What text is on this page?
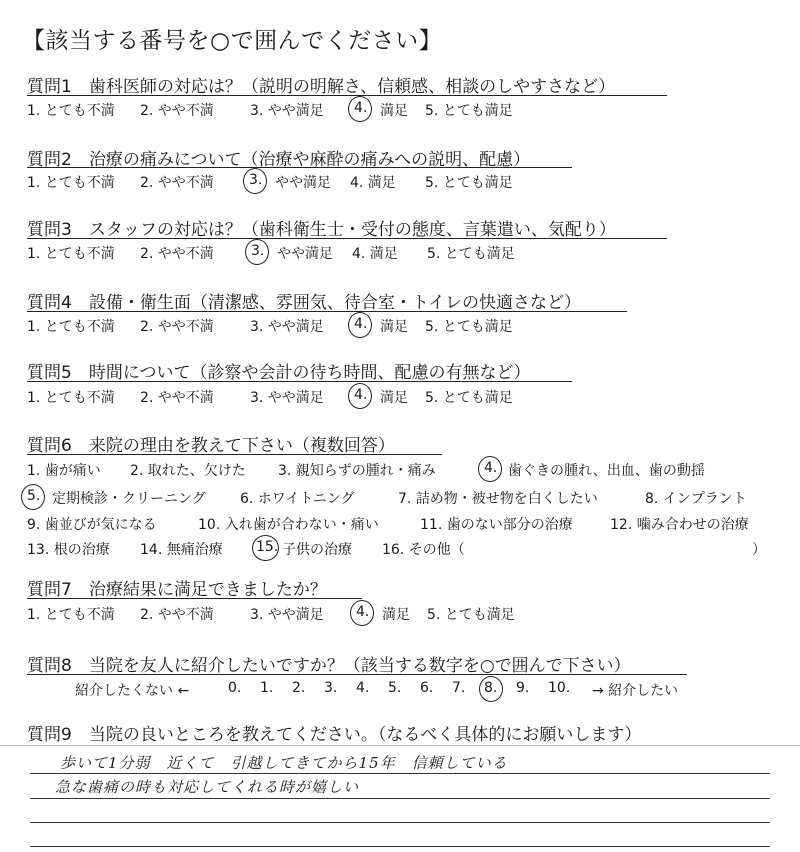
【該当する番号を○で囲んでください】
質問1　歯科医師の対応は？（説明の明解さ、信頼感、相談のしやすさなど）
1. とても不満 2. やや不満	3. やや満足 4. 満足 5. とても満足
質問2　治療の痛みについて（治療や麻酔の痛みへの説明、配慮）
1. とても不満 2. やや不満	3. やや満足 4. 満足 5. とても満足
質問3　スタッフの対応は？（歯科衛生士・受付の態度、言葉遣い、気配り）
1. とても不満 2. やや不満	3. やや満足 4. 満足 5. とても満足
質問4　設備・衛生面（清潔感、雰囲気、待合室・トイレの快適さなど）
1. とても不満 2. やや不満	3. やや満足 4. 満足 5. とても満足
質問5　時間について（診察や会計の待ち時間、配慮の有無など）
1. とても不満 2. やや不満	3. やや満足 4. 満足 5. とても満足
質問6　来院の理由を教えて下さい（複数回答）
1. 歯が痛い 2. 取れた、欠けた 3. 親知らずの腫れ・痛み	4. 歯ぐきの腫れ、出血、歯の動揺
5. 定期検診・クリーニング 6. ホワイトニング	7. 詰め物・被せ物を白くしたい	8. インプラント
9. 歯並びが気になる	10. 入れ歯が合わない・痛い	11. 歯のない部分の治療	12. 噛み合わせの治療
13. 根の治療 14. 無痛治療 15. 子供の治療 16. その他（	）
質問7　治療結果に満足できましたか？
1. とても不満 2. やや不満	3. やや満足 4. 満足 5. とても満足
質問8　当院を友人に紹介したいですか？（該当する数字を○で囲んで下さい）
紹介したくない ←	0. 1. 2. 3. 4. 5. 6. 7. 8. 9. 10. → 紹介したい
質問9　当院の良いところを教えてください。（なるべく具体的にお願いします）
歩いて1分弱　近くて　引越してきてから15年　信頼している
急な歯痛の時も対応してくれる時が嬉しい
